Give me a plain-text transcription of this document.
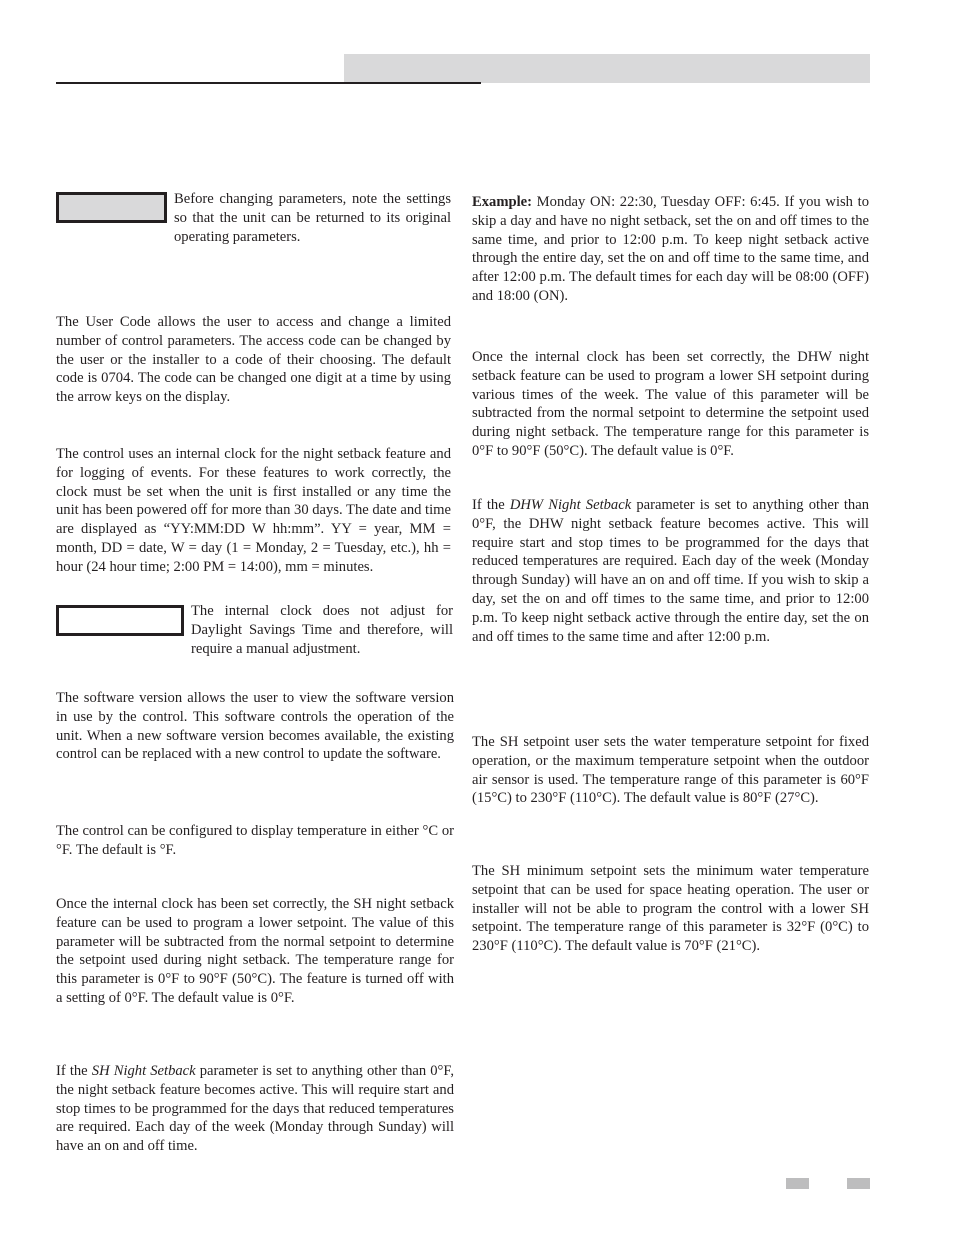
Before changing parameters, note the settings so that the unit can be returned to its original operating parameters.

The User Code allows the user to access and change a limited number of control parameters. The access code can be changed by the user or the installer to a code of their choosing. The default code is 0704. The code can be changed one digit at a time by using the arrow keys on the display.

The control uses an internal clock for the night setback feature and for logging of events. For these features to work correctly, the clock must be set when the unit is first installed or any time the unit has been powered off for more than 30 days. The date and time are displayed as “YY:MM:DD W hh:mm”. YY = year, MM = month, DD = date, W = day (1 = Monday, 2 = Tuesday, etc.), hh = hour (24 hour time; 2:00 PM = 14:00), mm = minutes.

The internal clock does not adjust for Daylight Savings Time and therefore, will require a manual adjustment.

The software version allows the user to view the software version in use by the control. This software controls the operation of the unit. When a new software version becomes available, the existing control can be replaced with a new control to update the software.

The control can be configured to display temperature in either °C or °F. The default is °F.

Once the internal clock has been set correctly, the SH night setback feature can be used to program a lower setpoint. The value of this parameter will be subtracted from the normal setpoint to determine the setpoint used during night setback. The temperature range for this parameter is 0°F to 90°F (50°C). The feature is turned off with a setting of 0°F. The default value is 0°F.

If the SH Night Setback parameter is set to anything other than 0°F, the night setback feature becomes active. This will require start and stop times to be programmed for the days that reduced temperatures are required. Each day of the week (Monday through Sunday) will have an on and off time.

Example: Monday ON: 22:30, Tuesday OFF: 6:45. If you wish to skip a day and have no night setback, set the on and off times to the same time, and prior to 12:00 p.m. To keep night setback active through the entire day, set the on and off time to the same time, and after 12:00 p.m. The default times for each day will be 08:00 (OFF) and 18:00 (ON).

Once the internal clock has been set correctly, the DHW night setback feature can be used to program a lower SH setpoint during various times of the week. The value of this parameter will be subtracted from the normal setpoint to determine the setpoint used during night setback. The temperature range for this parameter is 0°F to 90°F (50°C). The default value is 0°F.

If the DHW Night Setback parameter is set to anything other than 0°F, the DHW night setback feature becomes active. This will require start and stop times to be programmed for the days that reduced temperatures are required. Each day of the week (Monday through Sunday) will have an on and off time. If you wish to skip a day, set the on and off times to the same time, and prior to 12:00 p.m. To keep night setback active through the entire day, set the on and off times to the same time and after 12:00 p.m.

The SH setpoint user sets the water temperature setpoint for fixed operation, or the maximum temperature setpoint when the outdoor air sensor is used. The temperature range of this parameter is 60°F (15°C) to 230°F (110°C). The default value is 80°F (27°C).

The SH minimum setpoint sets the minimum water temperature setpoint that can be used for space heating operation. The user or installer will not be able to program the control with a lower SH setpoint. The temperature range of this parameter is 32°F (0°C) to 230°F (110°C). The default value is 70°F (21°C).
